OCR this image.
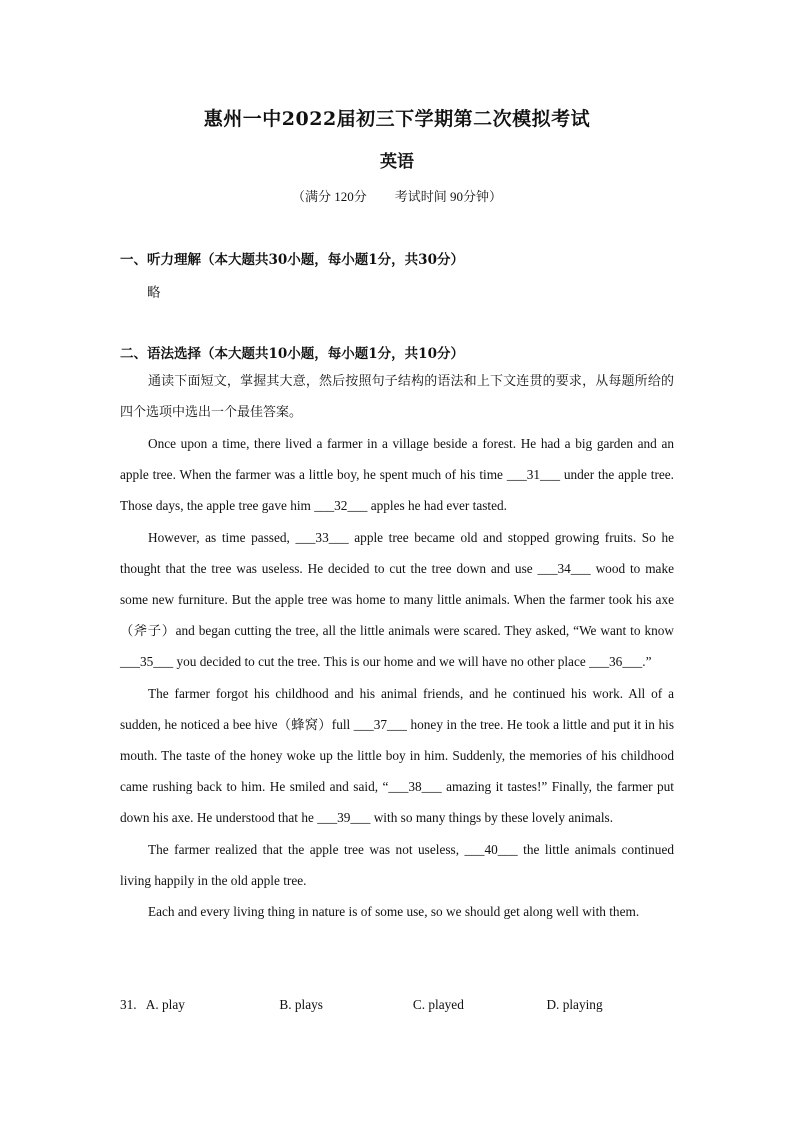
惠州一中2022届初三下学期第二次模拟考试
英语
（满分 120分 考试时间 90分钟）
一、听力理解（本大题共30小题，每小题1分，共30分）
略
二、语法选择（本大题共10小题，每小题1分，共10分）
通读下面短文，掌握其大意，然后按照句子结构的语法和上下文连贯的要求，从每题所给的四个选项中选出一个最佳答案。

Once upon a time, there lived a farmer in a village beside a forest. He had a big garden and an apple tree. When the farmer was a little boy, he spent much of his time ___31___ under the apple tree. Those days, the apple tree gave him ___32___ apples he had ever tasted.

However, as time passed, ___33___ apple tree became old and stopped growing fruits. So he thought that the tree was useless. He decided to cut the tree down and use ___34___ wood to make some new furniture. But the apple tree was home to many little animals. When the farmer took his axe（斧子）and began cutting the tree, all the little animals were scared. They asked, “We want to know ___35___ you decided to cut the tree. This is our home and we will have no other place ___36___.”

The farmer forgot his childhood and his animal friends, and he continued his work. All of a sudden, he noticed a bee hive（蜂窝）full ___37___ honey in the tree. He took a little and put it in his mouth. The taste of the honey woke up the little boy in him. Suddenly, the memories of his childhood came rushing back to him. He smiled and said, “___38___ amazing it tastes!” Finally, the farmer put down his axe. He understood that he ___39___ with so many things by these lovely animals.

The farmer realized that the apple tree was not useless, ___40___ the little animals continued living happily in the old apple tree.

Each and every living thing in nature is of some use, so we should get along well with them.

31. A. play	B. plays	C. played	D. playing
